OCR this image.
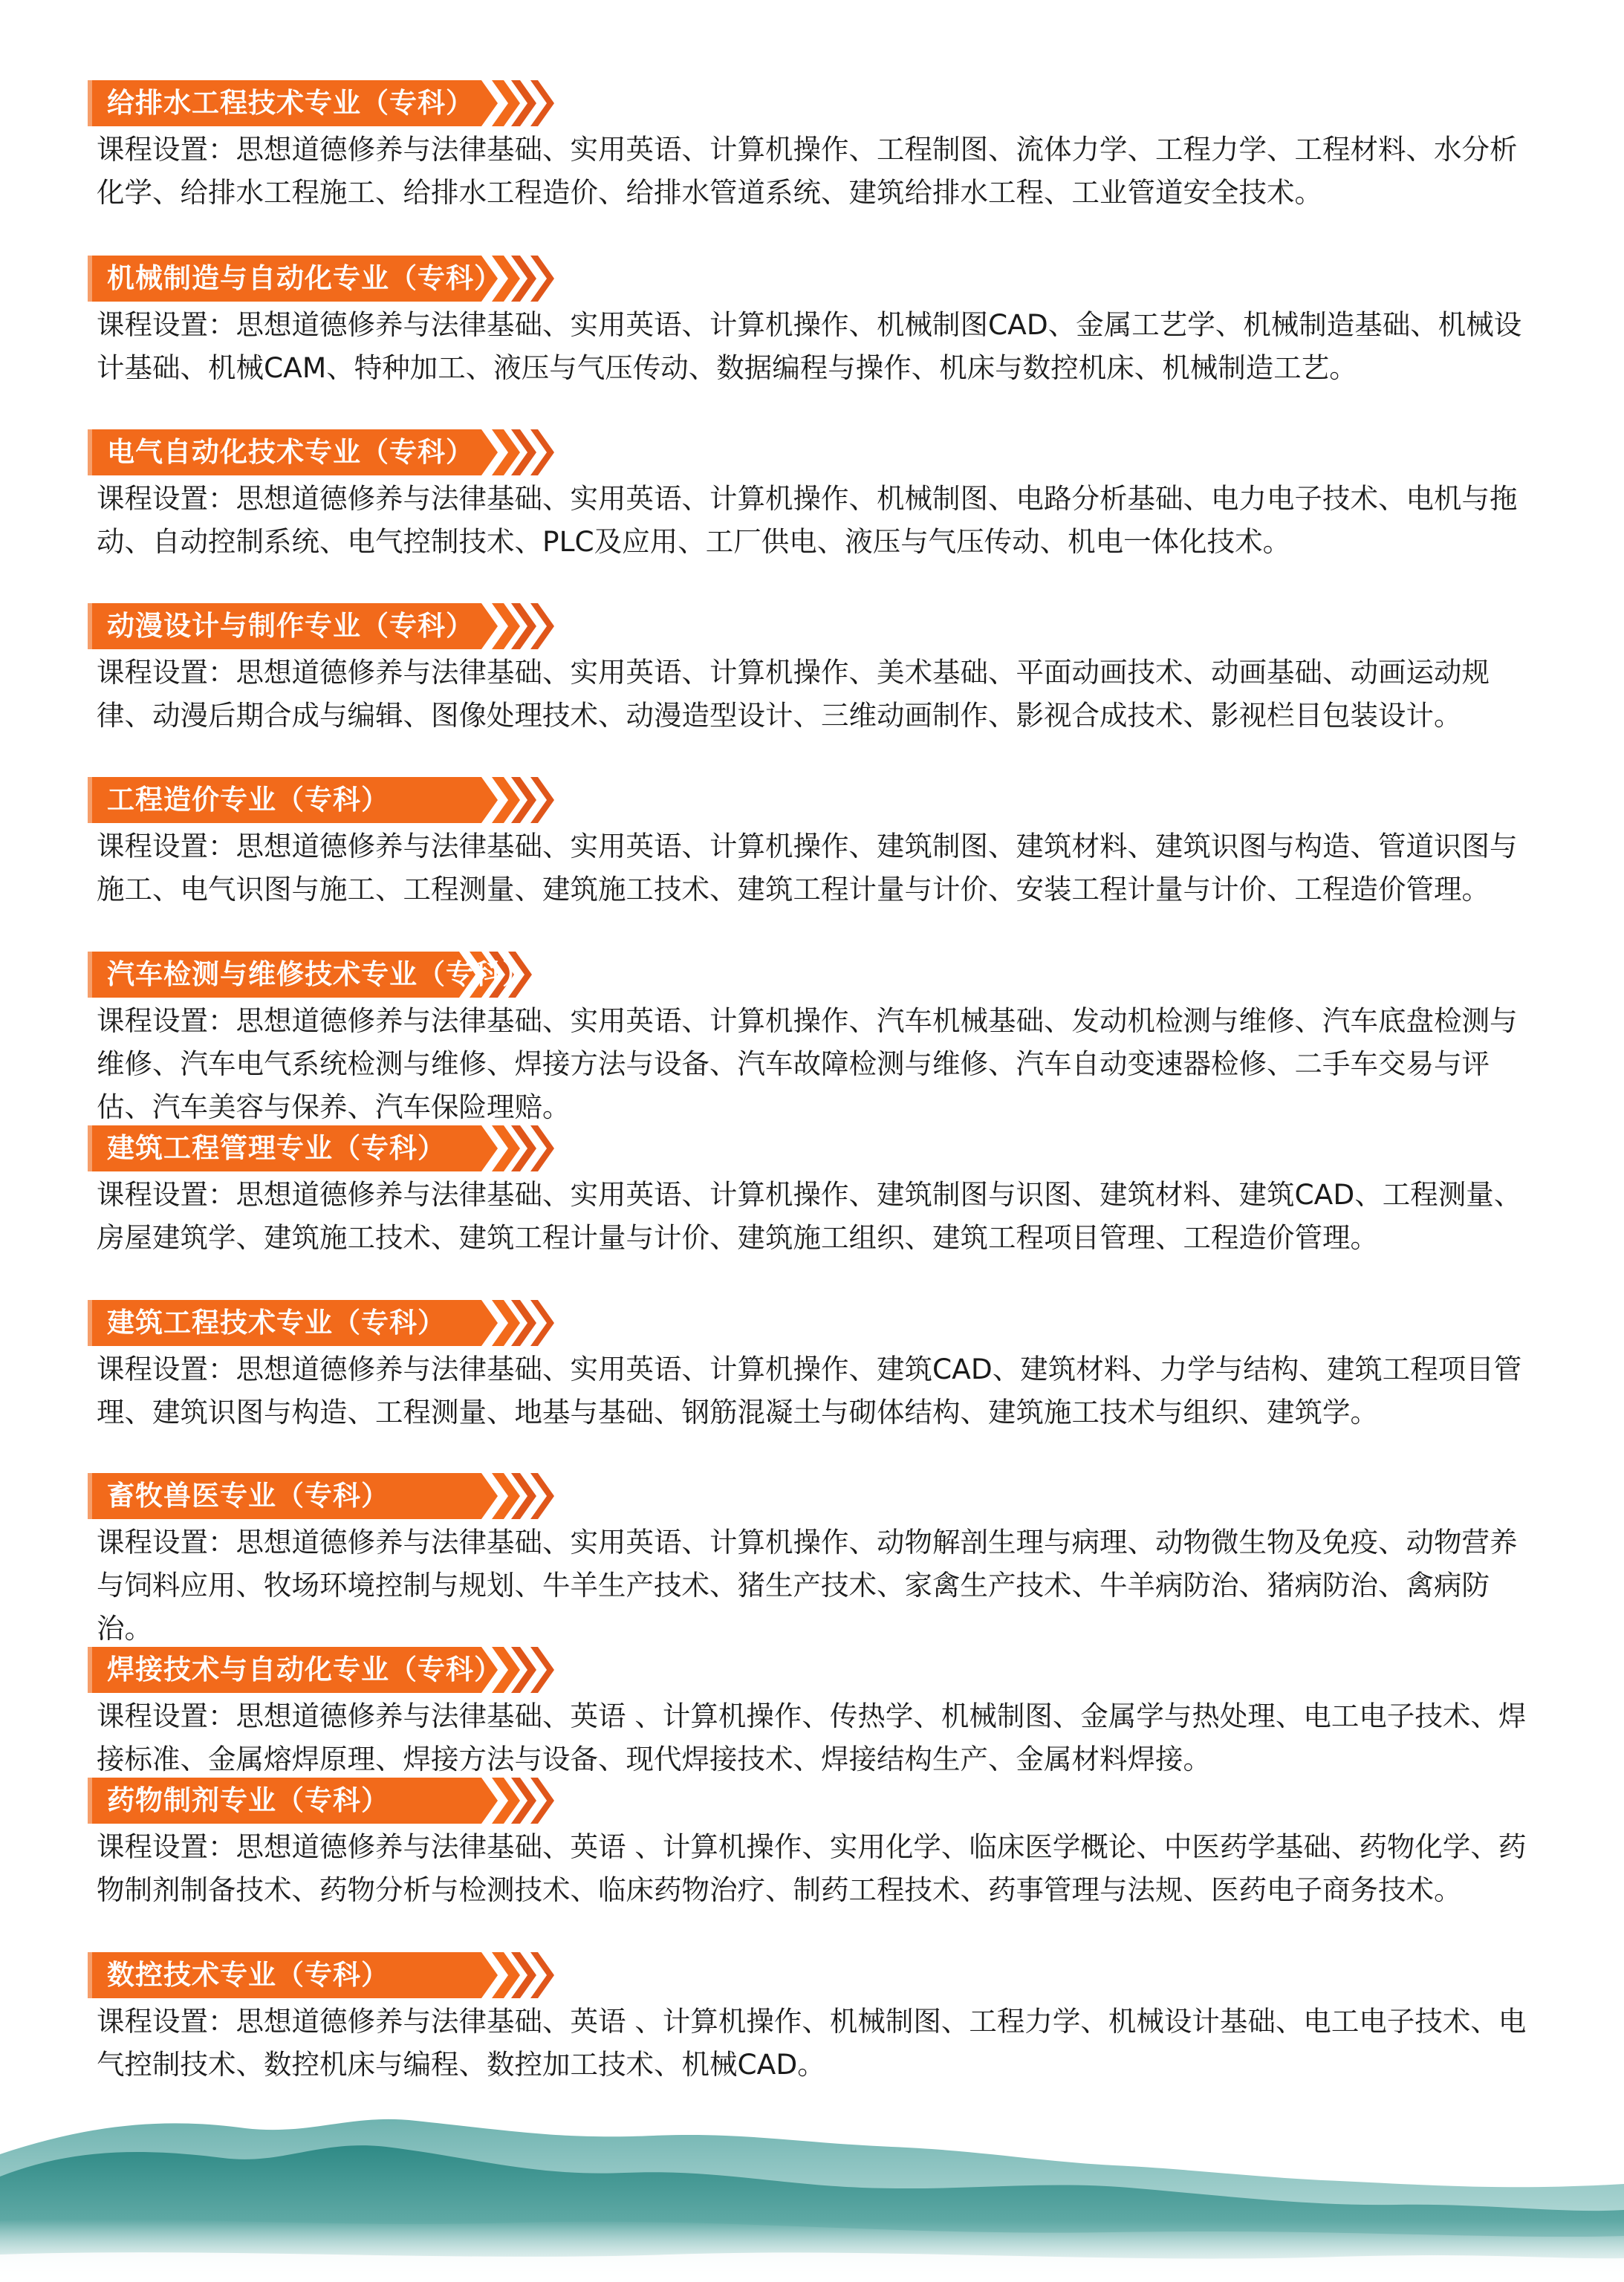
给排水工程技术专业（专科）

课程设置：思想道德修养与法律基础、实用英语、计算机操作、工程制图、流体力学、工程力学、工程材料、水分析化学、给排水工程施工、给排水工程造价、给排水管道系统、建筑给排水工程、工业管道安全技术。

机械制造与自动化专业（专科）

课程设置：思想道德修养与法律基础、实用英语、计算机操作、机械制图CAD、金属工艺学、机械制造基础、机械设计基础、机械CAM、特种加工、液压与气压传动、数据编程与操作、机床与数控机床、机械制造工艺。

电气自动化技术专业（专科）

课程设置：思想道德修养与法律基础、实用英语、计算机操作、机械制图、电路分析基础、电力电子技术、电机与拖动、自动控制系统、电气控制技术、PLC及应用、工厂供电、液压与气压传动、机电一体化技术。

动漫设计与制作专业（专科）

课程设置：思想道德修养与法律基础、实用英语、计算机操作、美术基础、平面动画技术、动画基础、动画运动规律、动漫后期合成与编辑、图像处理技术、动漫造型设计、三维动画制作、影视合成技术、影视栏目包装设计。

工程造价专业（专科）

课程设置：思想道德修养与法律基础、实用英语、计算机操作、建筑制图、建筑材料、建筑识图与构造、管道识图与施工、电气识图与施工、工程测量、建筑施工技术、建筑工程计量与计价、安装工程计量与计价、工程造价管理。

汽车检测与维修技术专业（专科）

课程设置：思想道德修养与法律基础、实用英语、计算机操作、汽车机械基础、发动机检测与维修、汽车底盘检测与维修、汽车电气系统检测与维修、焊接方法与设备、汽车故障检测与维修、汽车自动变速器检修、二手车交易与评估、汽车美容与保养、汽车保险理赔。

建筑工程管理专业（专科）

课程设置：思想道德修养与法律基础、实用英语、计算机操作、建筑制图与识图、建筑材料、建筑CAD、工程测量、房屋建筑学、建筑施工技术、建筑工程计量与计价、建筑施工组织、建筑工程项目管理、工程造价管理。

建筑工程技术专业（专科）

课程设置：思想道德修养与法律基础、实用英语、计算机操作、建筑CAD、建筑材料、力学与结构、建筑工程项目管理、建筑识图与构造、工程测量、地基与基础、钢筋混凝土与砌体结构、建筑施工技术与组织、建筑学。

畜牧兽医专业（专科）

课程设置：思想道德修养与法律基础、实用英语、计算机操作、动物解剖生理与病理、动物微生物及免疫、动物营养与饲料应用、牧场环境控制与规划、牛羊生产技术、猪生产技术、家禽生产技术、牛羊病防治、猪病防治、禽病防治。

焊接技术与自动化专业（专科）

课程设置：思想道德修养与法律基础、英语 、计算机操作、传热学、机械制图、金属学与热处理、电工电子技术、焊接标准、金属熔焊原理、焊接方法与设备、现代焊接技术、焊接结构生产、金属材料焊接。

药物制剂专业（专科）

课程设置：思想道德修养与法律基础、英语 、计算机操作、实用化学、临床医学概论、中医药学基础、药物化学、药物制剂制备技术、药物分析与检测技术、临床药物治疗、制药工程技术、药事管理与法规、医药电子商务技术。

数控技术专业（专科）

课程设置：思想道德修养与法律基础、英语 、计算机操作、机械制图、工程力学、机械设计基础、电工电子技术、电气控制技术、数控机床与编程、数控加工技术、机械CAD。
